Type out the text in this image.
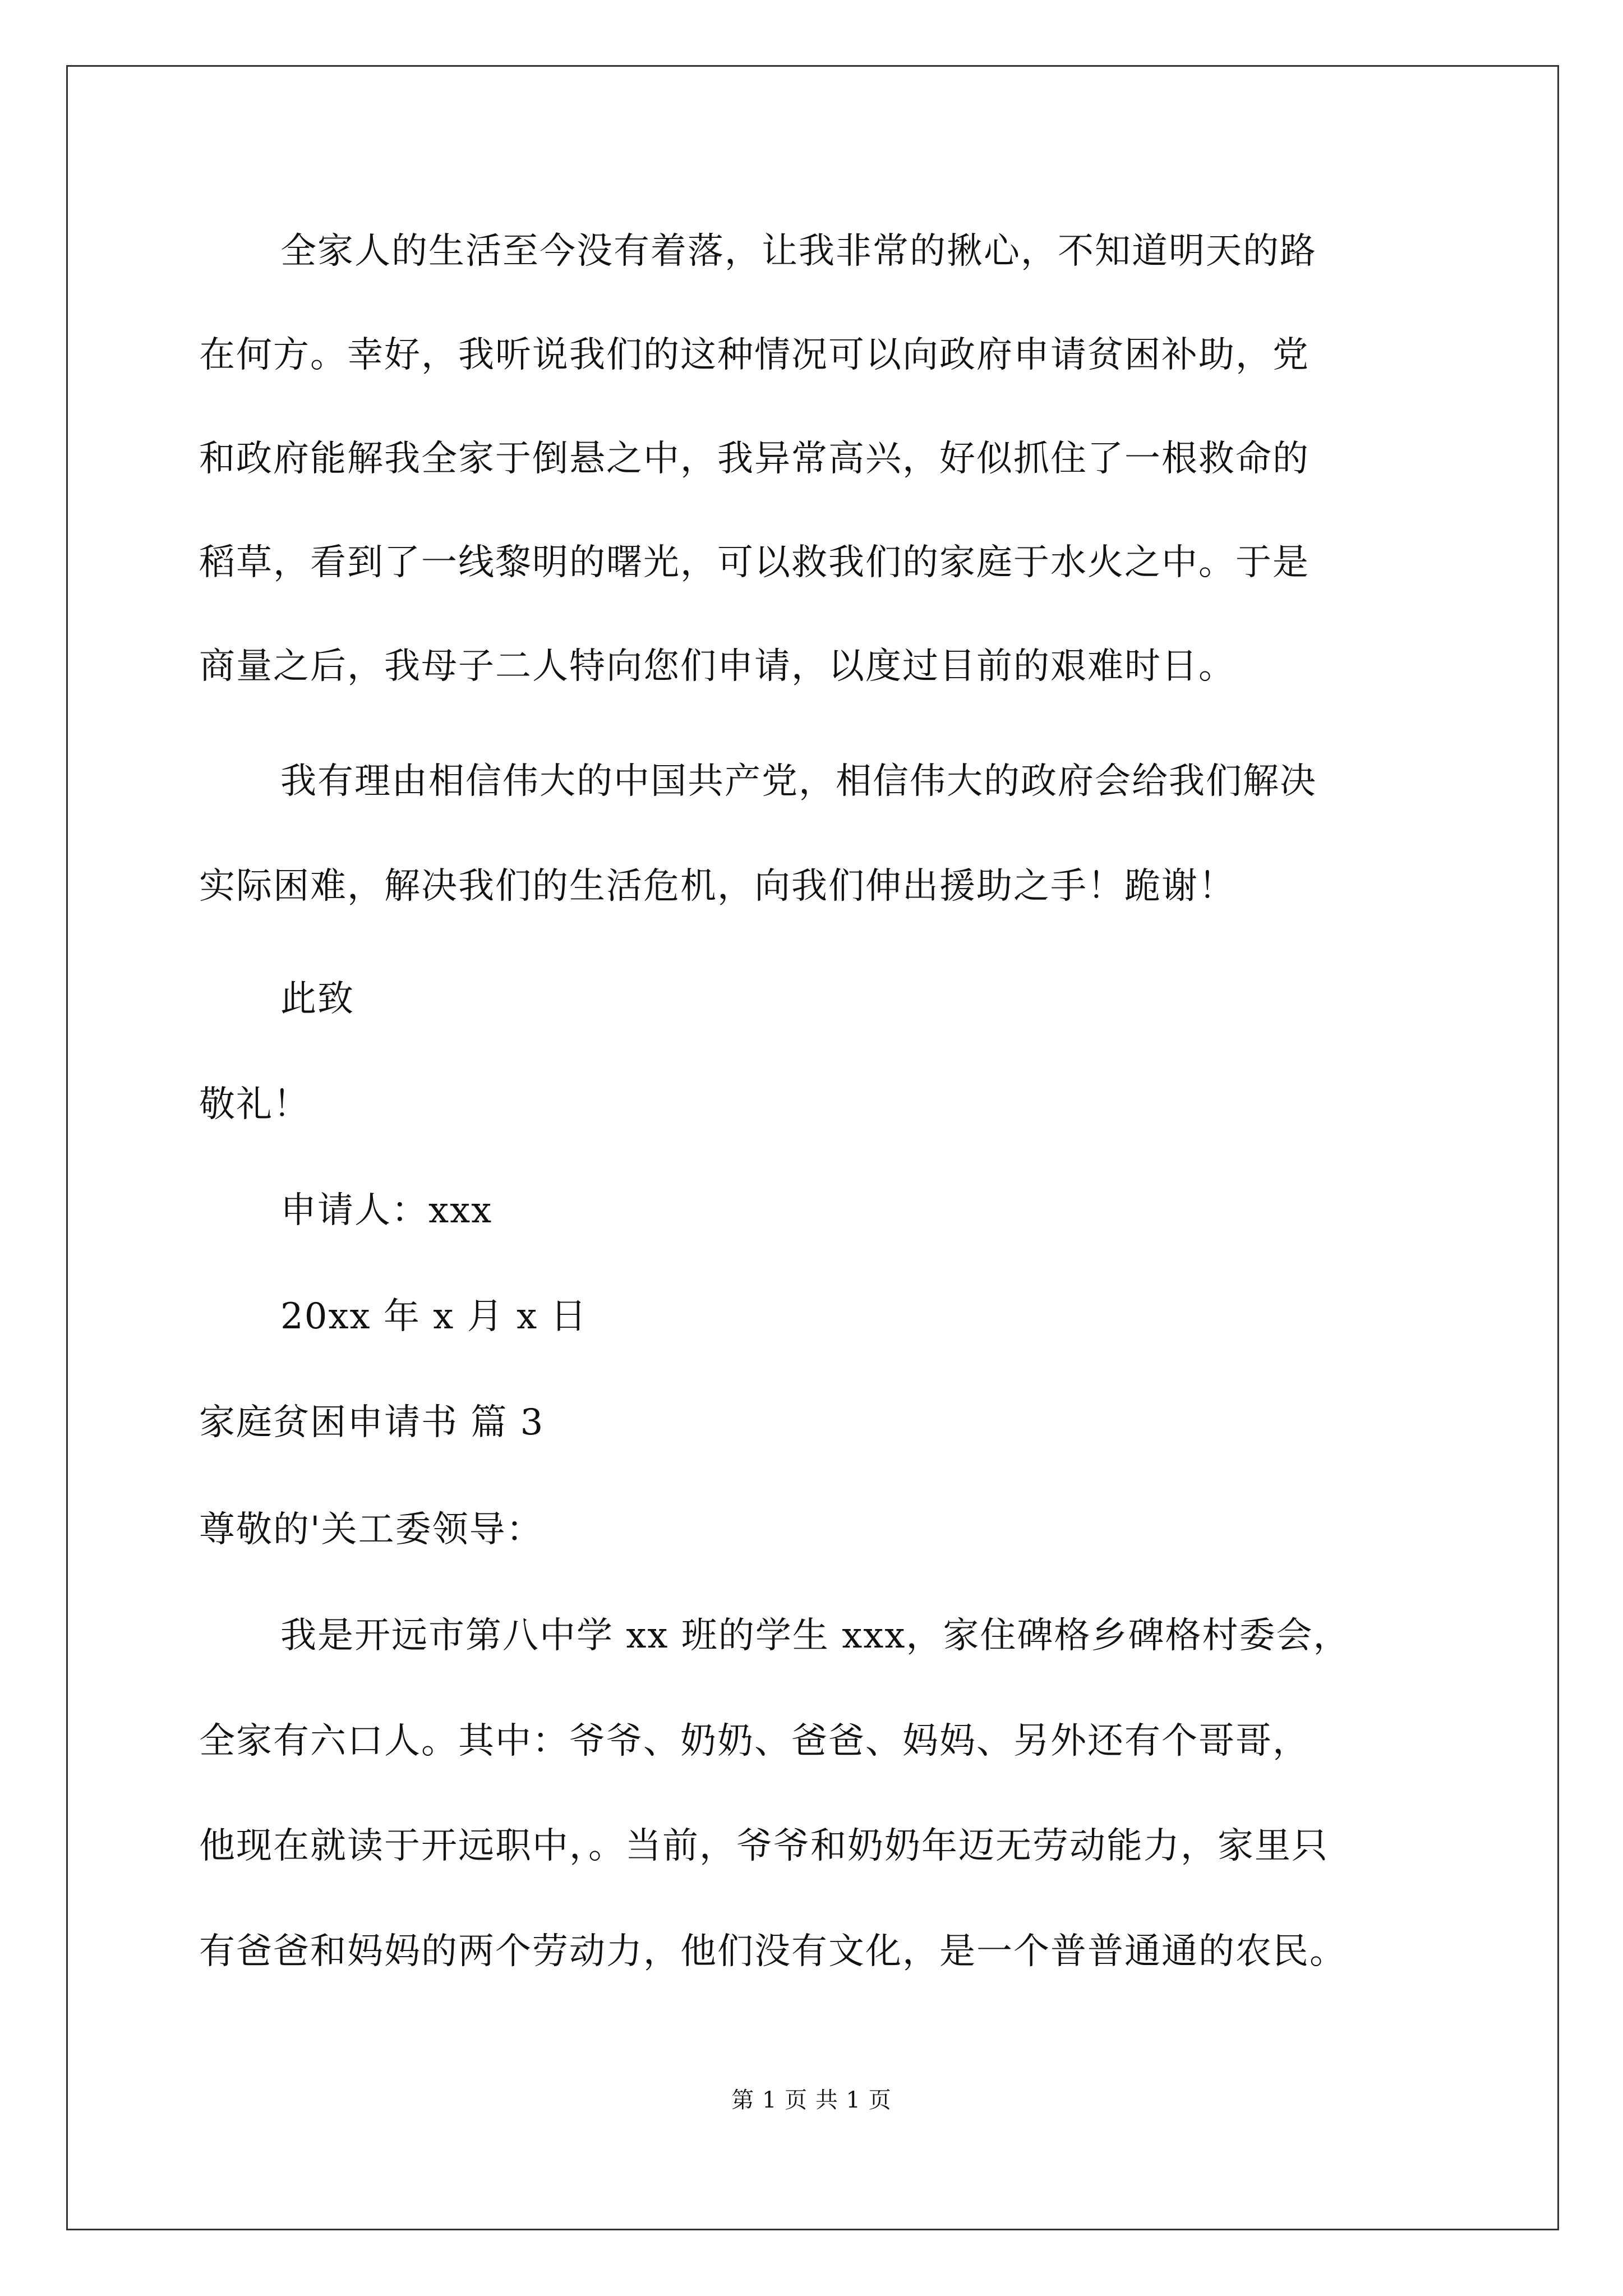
全家人的生活至今没有着落，让我非常的揪心，不知道明天的路
在何方。幸好，我听说我们的这种情况可以向政府申请贫困补助，党
和政府能解我全家于倒悬之中，我异常高兴，好似抓住了一根救命的
稻草，看到了一线黎明的曙光，可以救我们的家庭于水火之中。于是
商量之后，我母子二人特向您们申请，以度过目前的艰难时日。
我有理由相信伟大的中国共产党，相信伟大的政府会给我们解决
实际困难，解决我们的生活危机，向我们伸出援助之手！跪谢！
此致
敬礼！
申请人：xxx
20xx 年 x 月 x 日
家庭贫困申请书 篇 3
尊敬的'关工委领导：
我是开远市第八中学 xx 班的学生 xxx，家住碑格乡碑格村委会，
全家有六口人。其中：爷爷、奶奶、爸爸、妈妈、另外还有个哥哥，
他现在就读于开远职中，。当前，爷爷和奶奶年迈无劳动能力，家里只
有爸爸和妈妈的两个劳动力，他们没有文化，是一个普普通通的农民。
第 1 页 共 1 页
